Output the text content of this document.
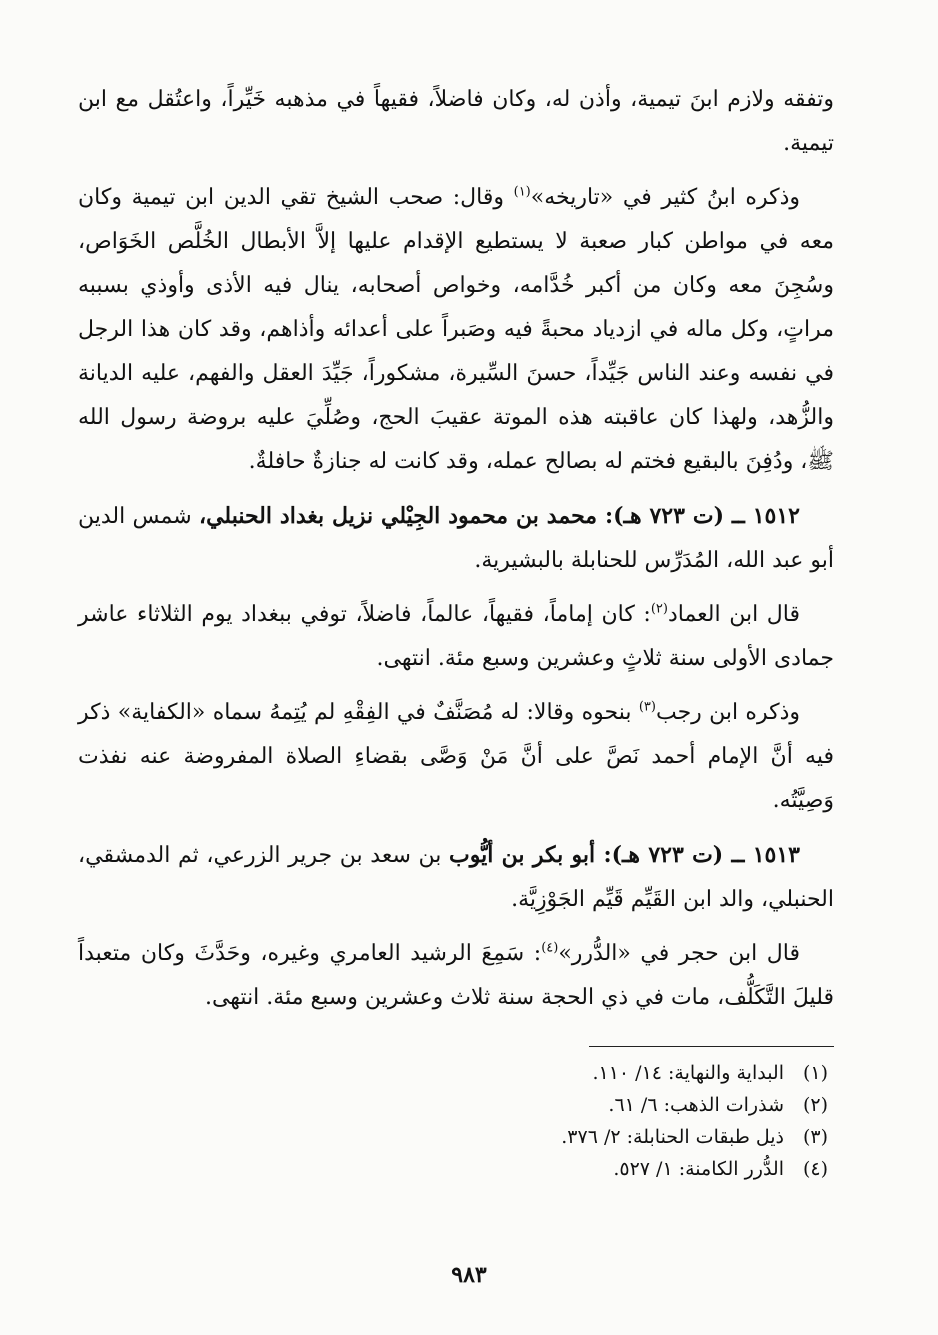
وتفقه ولازم ابنَ تيمية، وأذن له، وكان فاضلاً، فقيهاً في مذهبه خَيِّراً، واعتُقل مع ابن تيمية.

وذكره ابنُ كثير في «تاريخه»$^{(١)}$ وقال: صحب الشيخ تقي الدين ابن تيمية وكان معه في مواطن كبار صعبة لا يستطيع الإقدام عليها إلاَّ الأبطال الخُلَّص الخَوَاص، وسُجِنَ معه وكان من أكبر خُدَّامه، وخواص أصحابه، ينال فيه الأذى وأوذي بسببه مراتٍ، وكل ماله في ازدياد محبةً فيه وصَبراً على أعدائه وأذاهم، وقد كان هذا الرجل في نفسه وعند الناس جَيِّداً، حسنَ السِّيرة، مشكوراً، جَيِّدَ العقل والفهم، عليه الديانة والزُّهد، ولهذا كان عاقبته هذه الموتة عقيبَ الحج، وصُلِّيَ عليه بروضة رسول الله ﷺ، ودُفِنَ بالبقيع فختم له بصالح عمله، وقد كانت له جنازةٌ حافلةٌ.

١٥١٢ ــ (ت ٧٢٣ هـ): محمد بن محمود الجِيْلي نزيل بغداد الحنبلي، شمس الدين أبو عبد الله، المُدَرِّس للحنابلة بالبشيرية.

قال ابن العماد$^{(٢)}$: كان إماماً، فقيهاً، عالماً، فاضلاً، توفي ببغداد يوم الثلاثاء عاشر جمادى الأولى سنة ثلاثٍ وعشرين وسبع مئة. انتهى.

وذكره ابن رجب$^{(٣)}$ بنحوه وقالا: له مُصَنَّفٌ في الفِقْهِ لم يُتِمهُ سماه «الكفاية» ذكر فيه أنَّ الإمام أحمد نَصَّ على أنَّ مَنْ وَصَّى بقضاءِ الصلاة المفروضة عنه نفذت وَصِيَّتُه.

١٥١٣ ــ (ت ٧٢٣ هـ): أبو بكر بن أيُّوب بن سعد بن جرير الزرعي، ثم الدمشقي، الحنبلي، والد ابن القَيِّم قَيِّم الجَوْزِيَّة.

قال ابن حجر في «الدُّرر»$^{(٤)}$: سَمِعَ الرشيد العامري وغيره، وحَدَّثَ وكان متعبداً قليلَ التَّكَلُّف، مات في ذي الحجة سنة ثلاث وعشرين وسبع مئة. انتهى.

(١)البداية والنهاية: ١٤/ ١١٠.

(٢)شذرات الذهب: ٦/ ٦١.

(٣)ذيل طبقات الحنابلة: ٢/ ٣٧٦.

(٤)الدُّرر الكامنة: ١/ ٥٢٧.

٩٨٣
